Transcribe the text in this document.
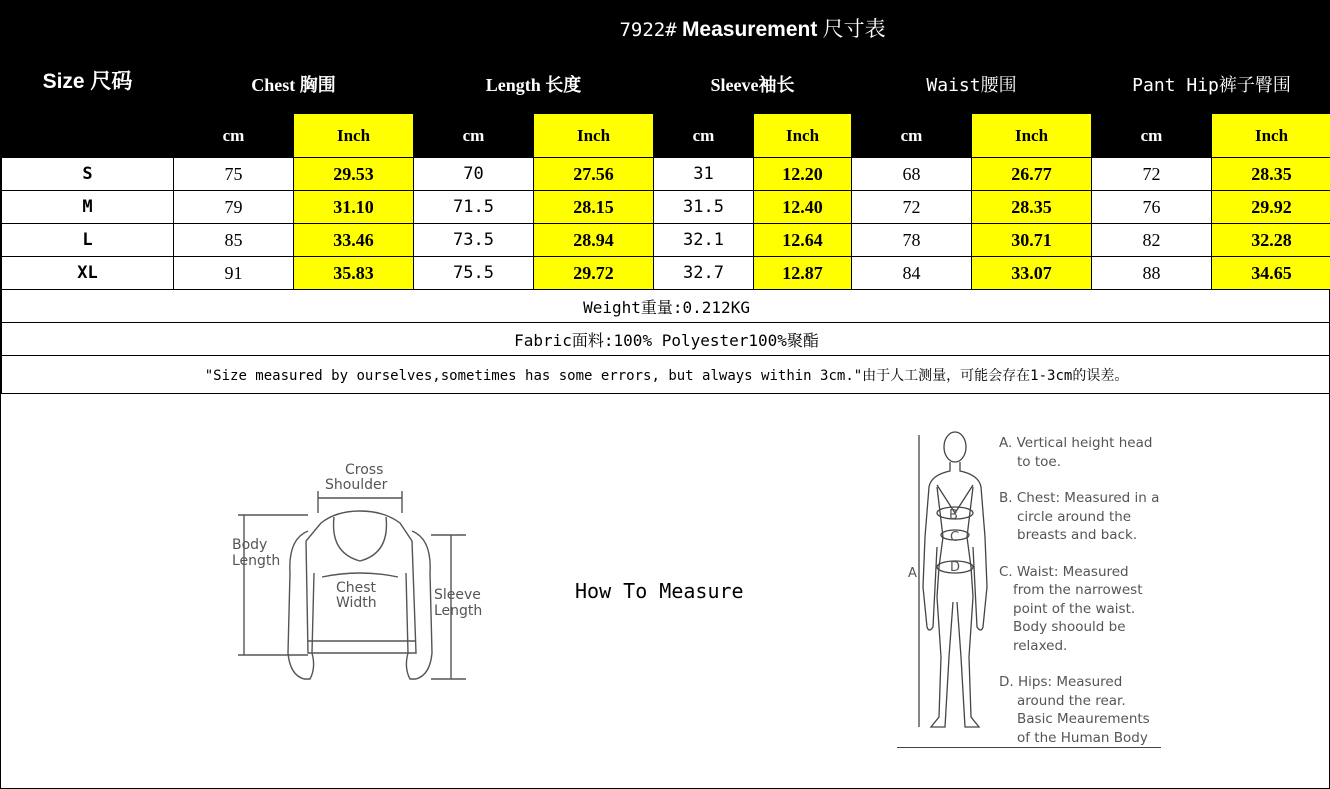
Size 尺码	7922# Measurement 尺寸表									
	Chest 胸围		Length 长度		Sleeve袖长		Waist腰围		Pant Hip裤子臀围	
	cm	Inch	cm	Inch	cm	Inch	cm	Inch	cm	Inch
S	75	29.53	70	27.56	31	12.20	68	26.77	72	28.35
M	79	31.10	71.5	28.15	31.5	12.40	72	28.35	76	29.92
L	85	33.46	73.5	28.94	32.1	12.64	78	30.71	82	32.28
XL	91	35.83	75.5	29.72	32.7	12.87	84	33.07	88	34.65
Weight重量:0.212KG										
Fabric面料:100% Polyester100%聚酯										
"Size measured by ourselves,sometimes has some errors, but always within 3cm."由于人工测量，可能会存在1-3cm的误差。										
Cross
Shoulder
Body
Length
Chest
Width	Sleeve
Length
How To Measure
B
C
D
A
A. Vertical height head
to toe.
B. Chest: Measured in a
circle around the
breasts and back.
C. Waist: Measured
from the narrowest
point of the waist.
Body shoould be
relaxed.
D. Hips: Measured
around the rear.
Basic Meaurements
of the Human Body
